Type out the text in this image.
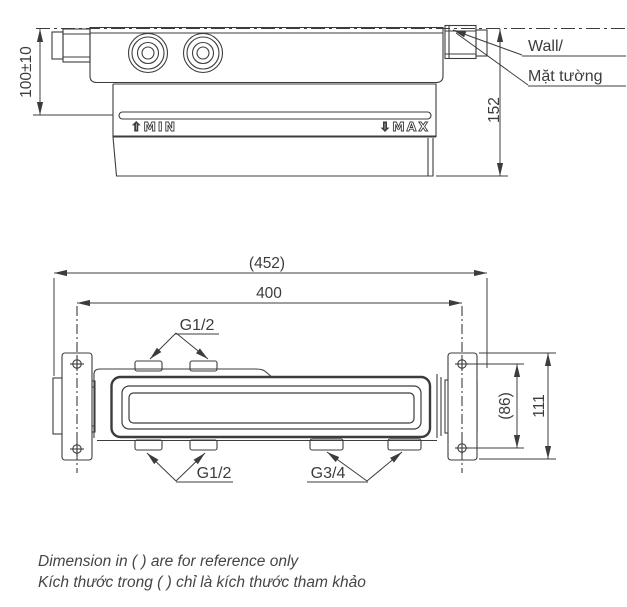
⇧MIN	⇩MAX
100±10
152
Wall/
Mặt tường
(452)
400
G1/2
G1/2	G3/4
(86) 111
Dimension in ( ) are for reference only
Kích thước trong ( ) chỉ là kích thước tham khảo
